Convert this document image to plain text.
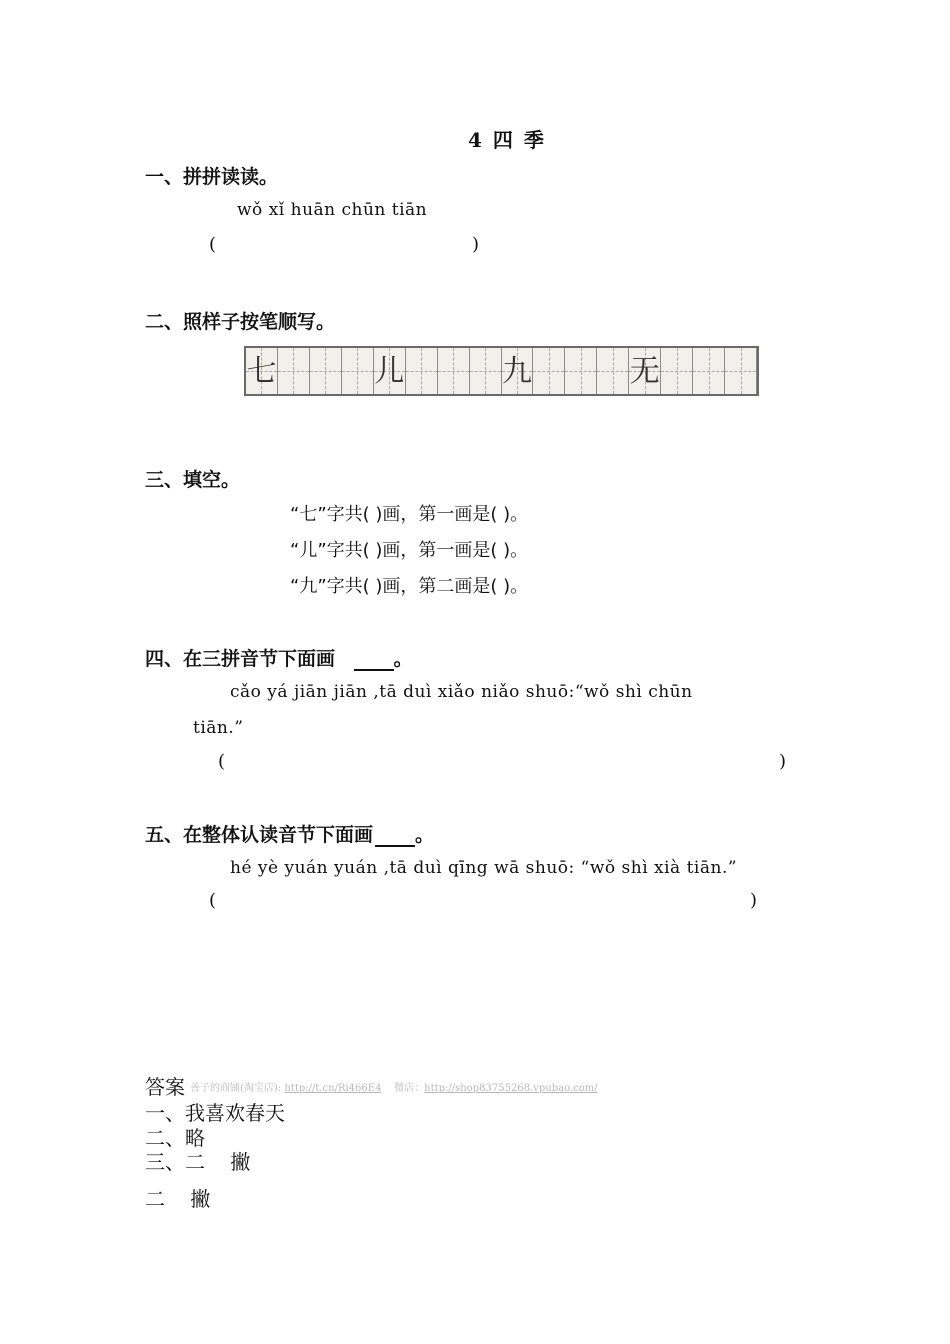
4 四 季
一、拼拼读读。
wǒ xǐ huān chūn tiān
(	)
二、照样子按笔顺写。
七	儿	九	无
三、填空。
“七”字共( )画，第一画是( )。
“儿”字共( )画，第一画是( )。
“九”字共( )画，第二画是( )。
四、在三拼音节下面画	。
cǎo yá jiān jiān ,tā duì xiǎo niǎo shuō:“wǒ shì chūn
tiān.”
(	)
五、在整体认读音节下面画 。
hé yè yuán yuán ,tā duì qīng wā shuō: “wǒ shì xià tiān.”
(	)
答案 善子的商铺(淘宝店): http://t.cn/Ri466E4    微店：http://shop83755268.vpubao.com/
一、我喜欢春天
二、略
三、二    撇
二    撇
